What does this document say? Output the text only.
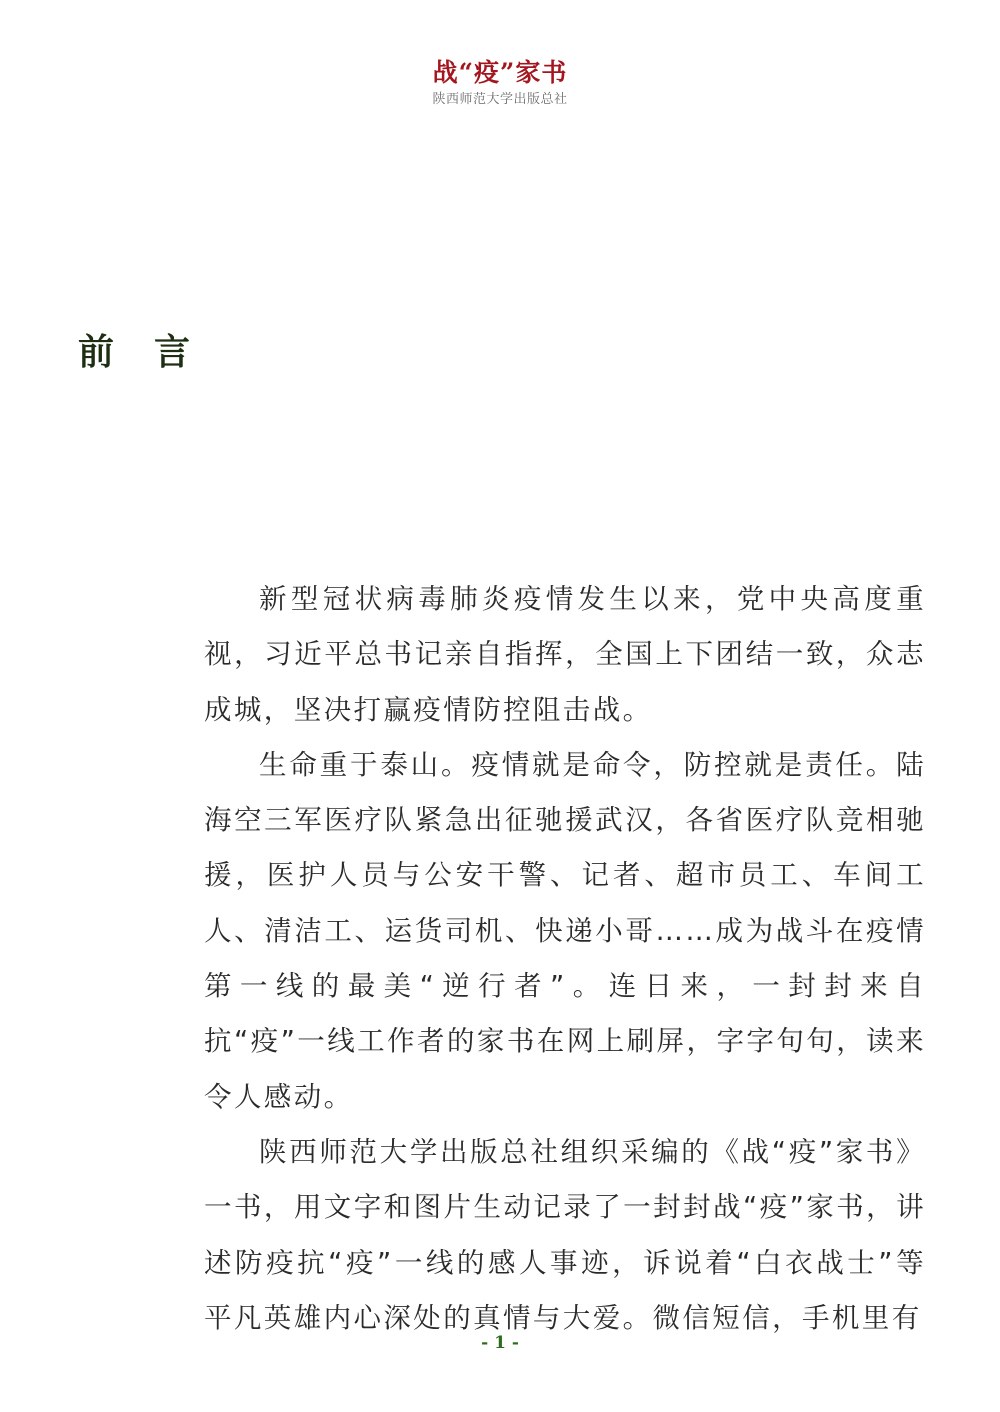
战“疫”家书
陕西师范大学出版总社
前言

新型冠状病毒肺炎疫情发生以来，党中央高度重视，习近平总书记亲自指挥，全国上下团结一致，众志成城，坚决打赢疫情防控阻击战。

生命重于泰山。疫情就是命令，防控就是责任。陆海空三军医疗队紧急出征驰援武汉，各省医疗队竞相驰援，医护人员与公安干警、记者、超市员工、车间工人、清洁工、运货司机、快递小哥……成为战斗在疫情第一线的最美“逆行者”。连日来，一封封来自抗“疫”一线工作者的家书在网上刷屏，字字句句，读来令人感动。

陕西师范大学出版总社组织采编的《战“疫”家书》一书，用文字和图片生动记录了一封封战“疫”家书，讲述防疫抗“疫”一线的感人事迹，诉说着“白衣战士”等平凡英雄内心深处的真情与大爱。微信短信，手机里有

- 1 -
